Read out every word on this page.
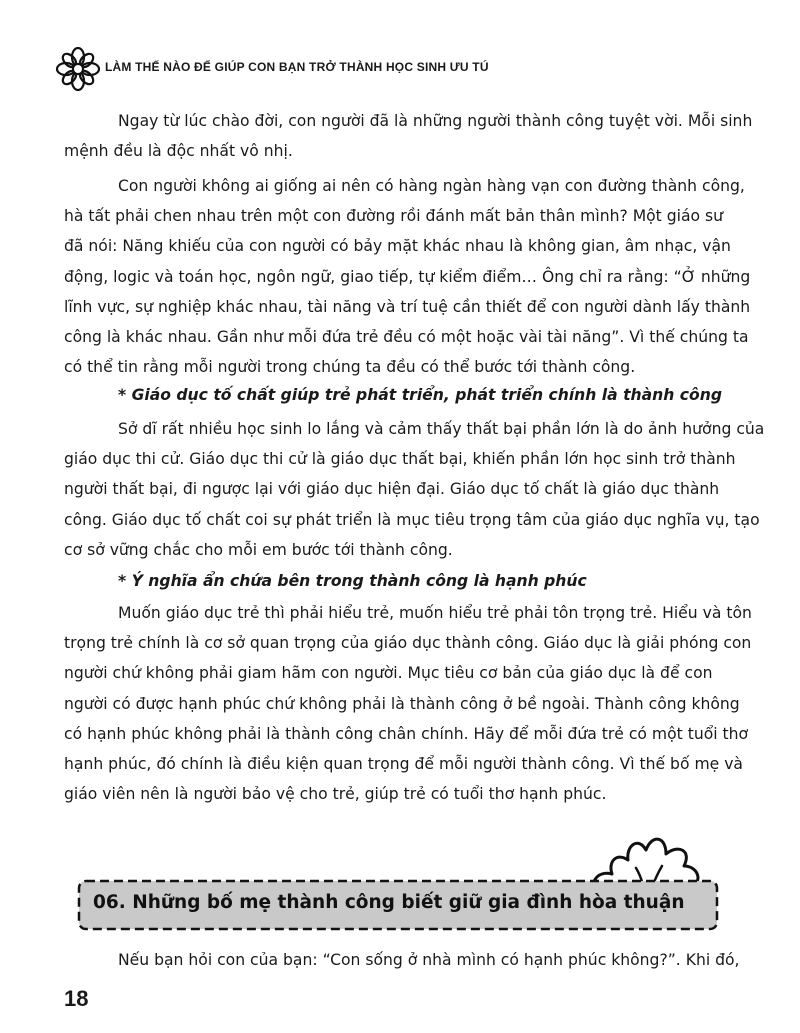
LÀM THẾ NÀO ĐỂ GIÚP CON BẠN TRỞ THÀNH HỌC SINH ƯU TÚ

Ngay từ lúc chào đời, con người đã là những người thành công tuyệt vời. Mỗi sinh
mệnh đều là độc nhất vô nhị.

Con người không ai giống ai nên có hàng ngàn hàng vạn con đường thành công,
hà tất phải chen nhau trên một con đường rồi đánh mất bản thân mình? Một giáo sư
đã nói: Năng khiếu của con người có bảy mặt khác nhau là không gian, âm nhạc, vận
động, logic và toán học, ngôn ngữ, giao tiếp, tự kiểm điểm… Ông chỉ ra rằng: “Ở những
lĩnh vực, sự nghiệp khác nhau, tài năng và trí tuệ cần thiết để con người dành lấy thành
công là khác nhau. Gần như mỗi đứa trẻ đều có một hoặc vài tài năng”. Vì thế chúng ta
có thể tin rằng mỗi người trong chúng ta đều có thể bước tới thành công.

* Giáo dục tố chất giúp trẻ phát triển, phát triển chính là thành công

Sở dĩ rất nhiều học sinh lo lắng và cảm thấy thất bại phần lớn là do ảnh hưởng của
giáo dục thi cử. Giáo dục thi cử là giáo dục thất bại, khiến phần lớn học sinh trở thành
người thất bại, đi ngược lại với giáo dục hiện đại. Giáo dục tố chất là giáo dục thành
công. Giáo dục tố chất coi sự phát triển là mục tiêu trọng tâm của giáo dục nghĩa vụ, tạo
cơ sở vững chắc cho mỗi em bước tới thành công.

* Ý nghĩa ẩn chứa bên trong thành công là hạnh phúc

Muốn giáo dục trẻ thì phải hiểu trẻ, muốn hiểu trẻ phải tôn trọng trẻ. Hiểu và tôn
trọng trẻ chính là cơ sở quan trọng của giáo dục thành công. Giáo dục là giải phóng con
người chứ không phải giam hãm con người. Mục tiêu cơ bản của giáo dục là để con
người có được hạnh phúc chứ không phải là thành công ở bề ngoài. Thành công không
có hạnh phúc không phải là thành công chân chính. Hãy để mỗi đứa trẻ có một tuổi thơ
hạnh phúc, đó chính là điều kiện quan trọng để mỗi người thành công. Vì thế bố mẹ và
giáo viên nên là người bảo vệ cho trẻ, giúp trẻ có tuổi thơ hạnh phúc.

06. Những bố mẹ thành công biết giữ gia đình hòa thuận

Nếu bạn hỏi con của bạn: “Con sống ở nhà mình có hạnh phúc không?”. Khi đó,

18
